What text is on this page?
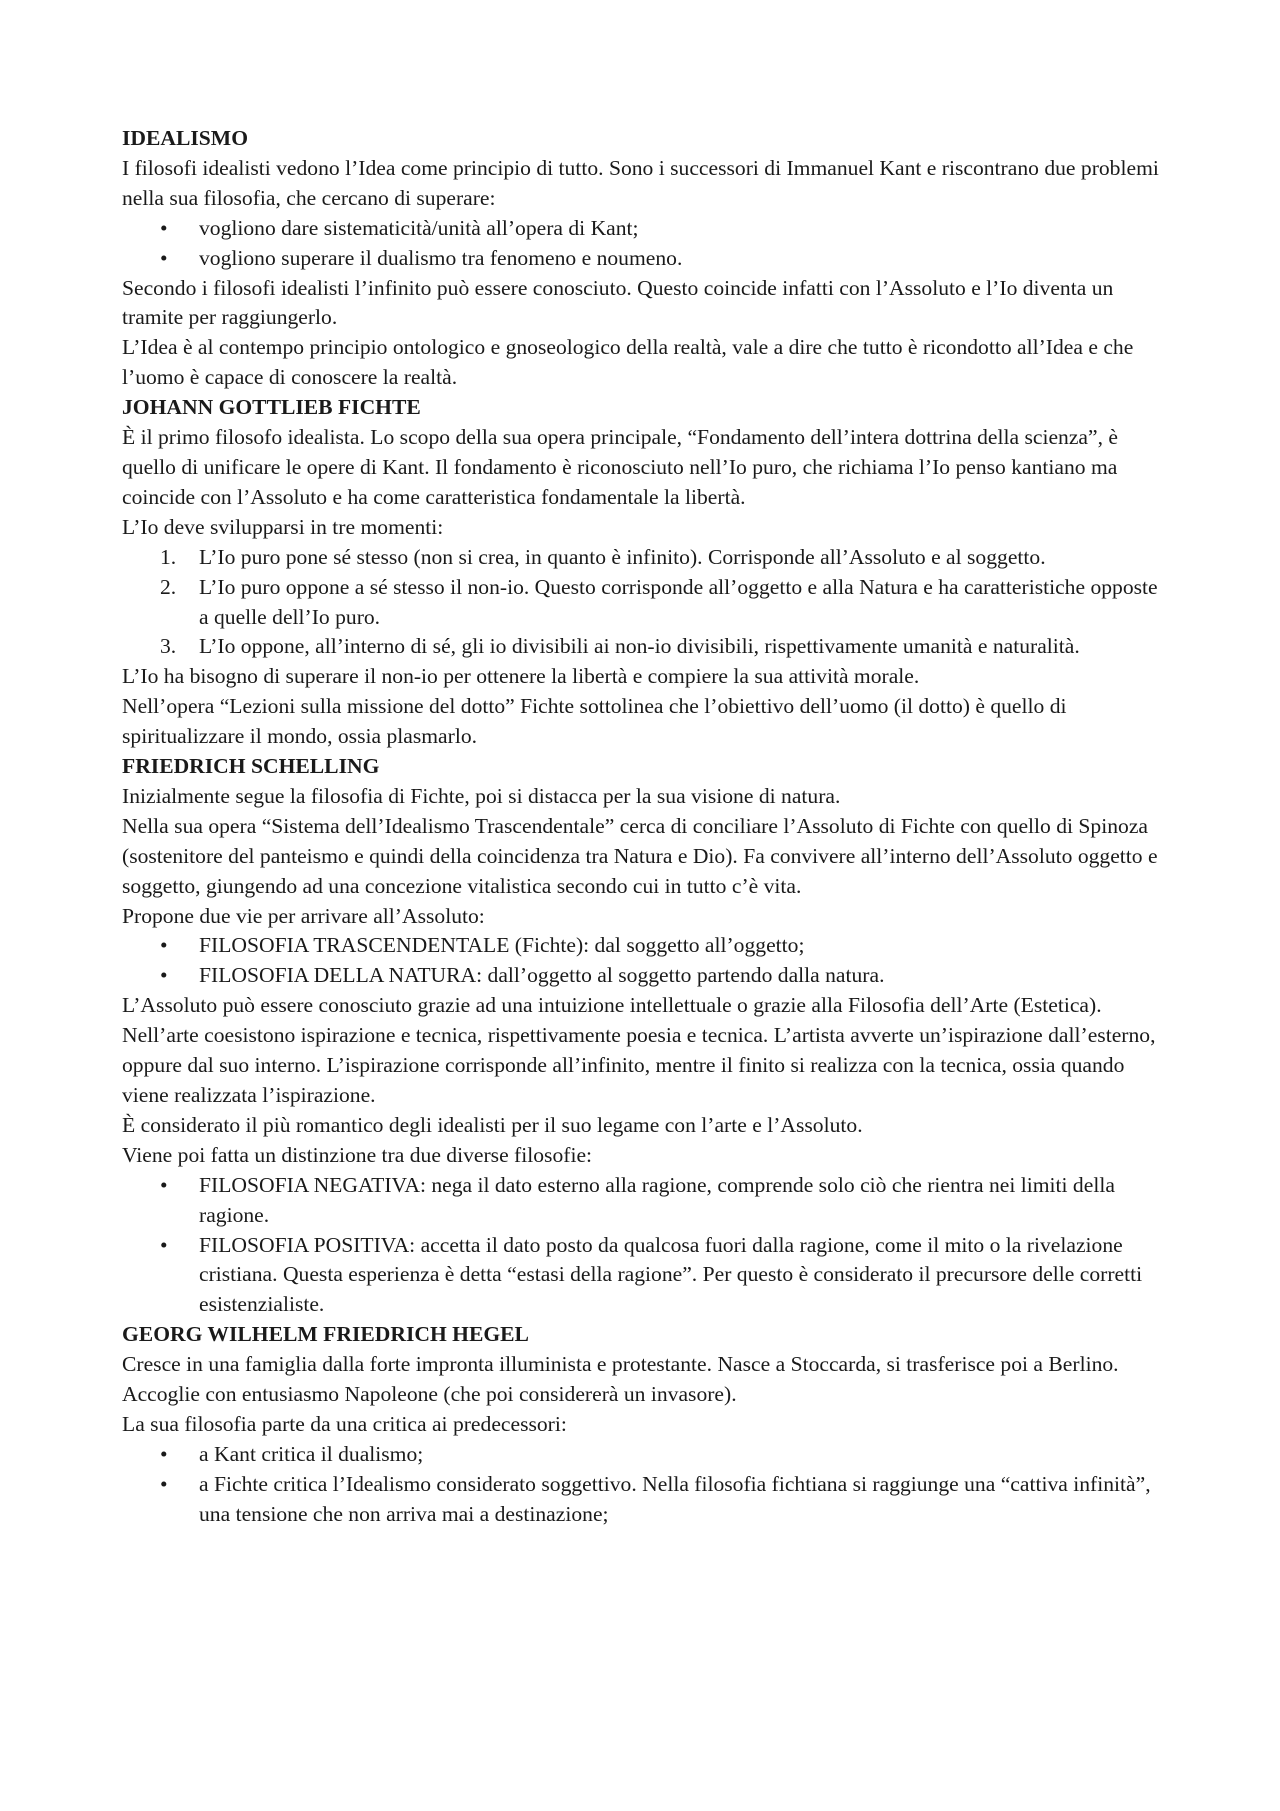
IDEALISMO
I filosofi idealisti vedono l’Idea come principio di tutto. Sono i successori di Immanuel Kant e riscontrano due problemi nella sua filosofia, che cercano di superare:
• vogliono dare sistematicità/unità all’opera di Kant;
• vogliono superare il dualismo tra fenomeno e noumeno.
Secondo i filosofi idealisti l’infinito può essere conosciuto. Questo coincide infatti con l’Assoluto e l’Io diventa un tramite per raggiungerlo.
L’Idea è al contempo principio ontologico e gnoseologico della realtà, vale a dire che tutto è ricondotto all’Idea e che l’uomo è capace di conoscere la realtà.
JOHANN GOTTLIEB FICHTE
È il primo filosofo idealista. Lo scopo della sua opera principale, “Fondamento dell’intera dottrina della scienza”, è quello di unificare le opere di Kant. Il fondamento è riconosciuto nell’Io puro, che richiama l’Io penso kantiano ma coincide con l’Assoluto e ha come caratteristica fondamentale la libertà.
L’Io deve svilupparsi in tre momenti:
1. L’Io puro pone sé stesso (non si crea, in quanto è infinito). Corrisponde all’Assoluto e al soggetto.
2. L’Io puro oppone a sé stesso il non-io. Questo corrisponde all’oggetto e alla Natura e ha caratteristiche opposte a quelle dell’Io puro.
3. L’Io oppone, all’interno di sé, gli io divisibili ai non-io divisibili, rispettivamente umanità e naturalità.
L’Io ha bisogno di superare il non-io per ottenere la libertà e compiere la sua attività morale.
Nell’opera “Lezioni sulla missione del dotto” Fichte sottolinea che l’obiettivo dell’uomo (il dotto) è quello di spiritualizzare il mondo, ossia plasmarlo.
FRIEDRICH SCHELLING
Inizialmente segue la filosofia di Fichte, poi si distacca per la sua visione di natura.
Nella sua opera “Sistema dell’Idealismo Trascendentale” cerca di conciliare l’Assoluto di Fichte con quello di Spinoza (sostenitore del panteismo e quindi della coincidenza tra Natura e Dio). Fa convivere all’interno dell’Assoluto oggetto e soggetto, giungendo ad una concezione vitalistica secondo cui in tutto c’è vita.
Propone due vie per arrivare all’Assoluto:
• FILOSOFIA TRASCENDENTALE (Fichte): dal soggetto all’oggetto;
• FILOSOFIA DELLA NATURA: dall’oggetto al soggetto partendo dalla natura.
L’Assoluto può essere conosciuto grazie ad una intuizione intellettuale o grazie alla Filosofia dell’Arte (Estetica). Nell’arte coesistono ispirazione e tecnica, rispettivamente poesia e tecnica. L’artista avverte un’ispirazione dall’esterno, oppure dal suo interno. L’ispirazione corrisponde all’infinito, mentre il finito si realizza con la tecnica, ossia quando viene realizzata l’ispirazione.
È considerato il più romantico degli idealisti per il suo legame con l’arte e l’Assoluto.
Viene poi fatta un distinzione tra due diverse filosofie:
• FILOSOFIA NEGATIVA: nega il dato esterno alla ragione, comprende solo ciò che rientra nei limiti della ragione.
• FILOSOFIA POSITIVA: accetta il dato posto da qualcosa fuori dalla ragione, come il mito o la rivelazione cristiana. Questa esperienza è detta “estasi della ragione”. Per questo è considerato il precursore delle corretti esistenzialiste.
GEORG WILHELM FRIEDRICH HEGEL
Cresce in una famiglia dalla forte impronta illuminista e protestante. Nasce a Stoccarda, si trasferisce poi a Berlino. Accoglie con entusiasmo Napoleone (che poi considererà un invasore).
La sua filosofia parte da una critica ai predecessori:
• a Kant critica il dualismo;
• a Fichte critica l’Idealismo considerato soggettivo. Nella filosofia fichtiana si raggiunge una “cattiva infinità”, una tensione che non arriva mai a destinazione;
